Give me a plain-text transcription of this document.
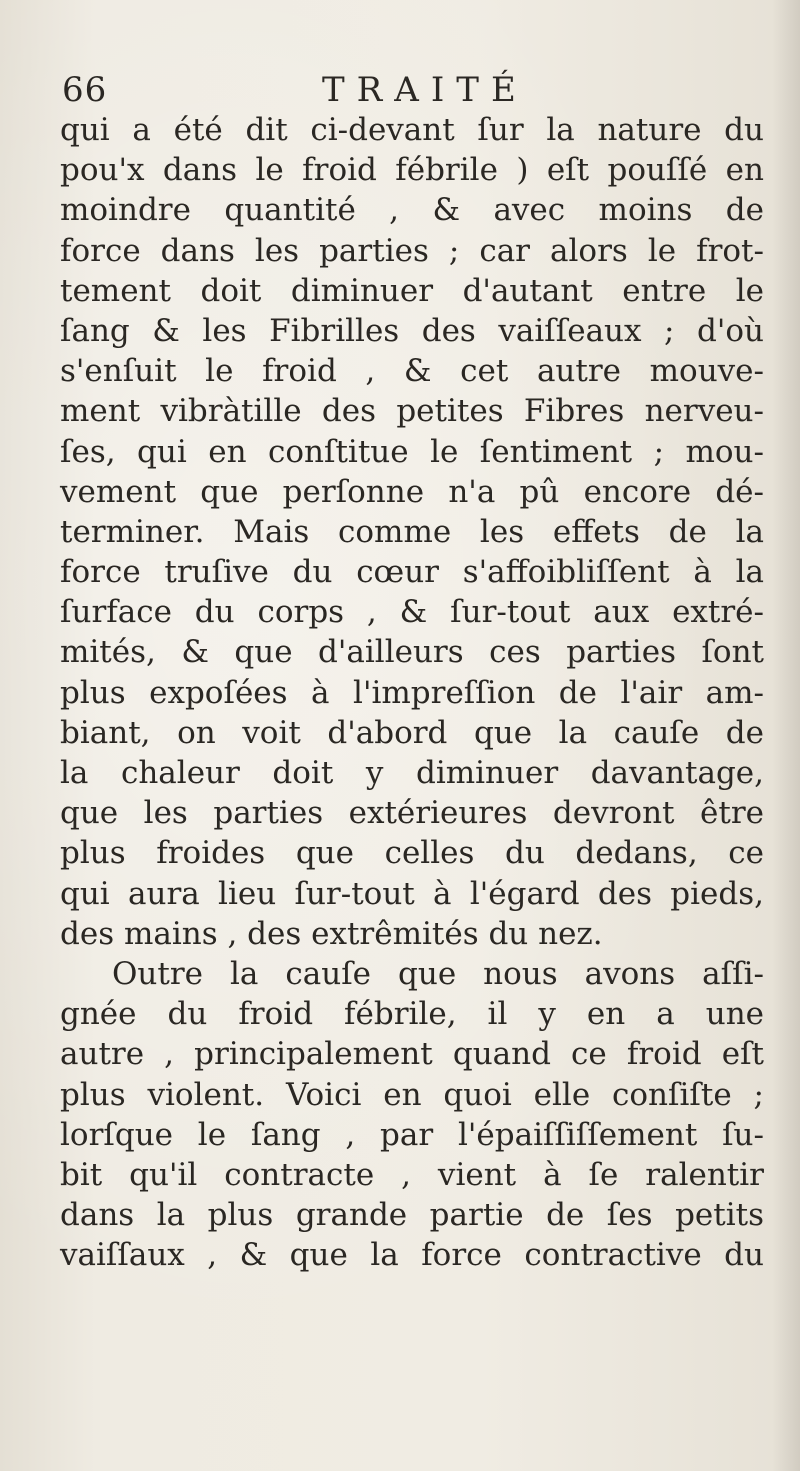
66	TRAITÉ
qui a été dit ci-devant ſur la nature du
pou'x dans le froid fébrile ) eſt pouſſé en
moindre quantité , & avec moins de
force dans les parties ; car alors le frot-
tement doit diminuer d'autant entre le
ſang & les Fibrilles des vaiſſeaux ; d'où
s'enſuit le froid , & cet autre mouve-
ment vibràtille des petites Fibres nerveu-
ſes, qui en conſtitue le ſentiment ; mou-
vement que perſonne n'a pû encore dé-
terminer. Mais comme les effets de la
force truſive du cœur s'affoibliſſent à la
ſurface du corps , & ſur-tout aux extré-
mités, & que d'ailleurs ces parties ſont
plus expoſées à l'impreſſion de l'air am-
biant, on voit d'abord que la cauſe de
la chaleur doit y diminuer davantage,
que les parties extérieures devront être
plus froides que celles du dedans, ce
qui aura lieu ſur-tout à l'égard des pieds,
des mains , des extrêmités du nez.
Outre la cauſe que nous avons aſſi-
gnée du froid fébrile, il y en a une
autre , principalement quand ce froid eſt
plus violent. Voici en quoi elle conſiſte ;
lorſque le ſang , par l'épaiſſiſſement ſu-
bit qu'il contracte , vient à ſe ralentir
dans la plus grande partie de ſes petits
vaiſſaux , & que la force contractive du
